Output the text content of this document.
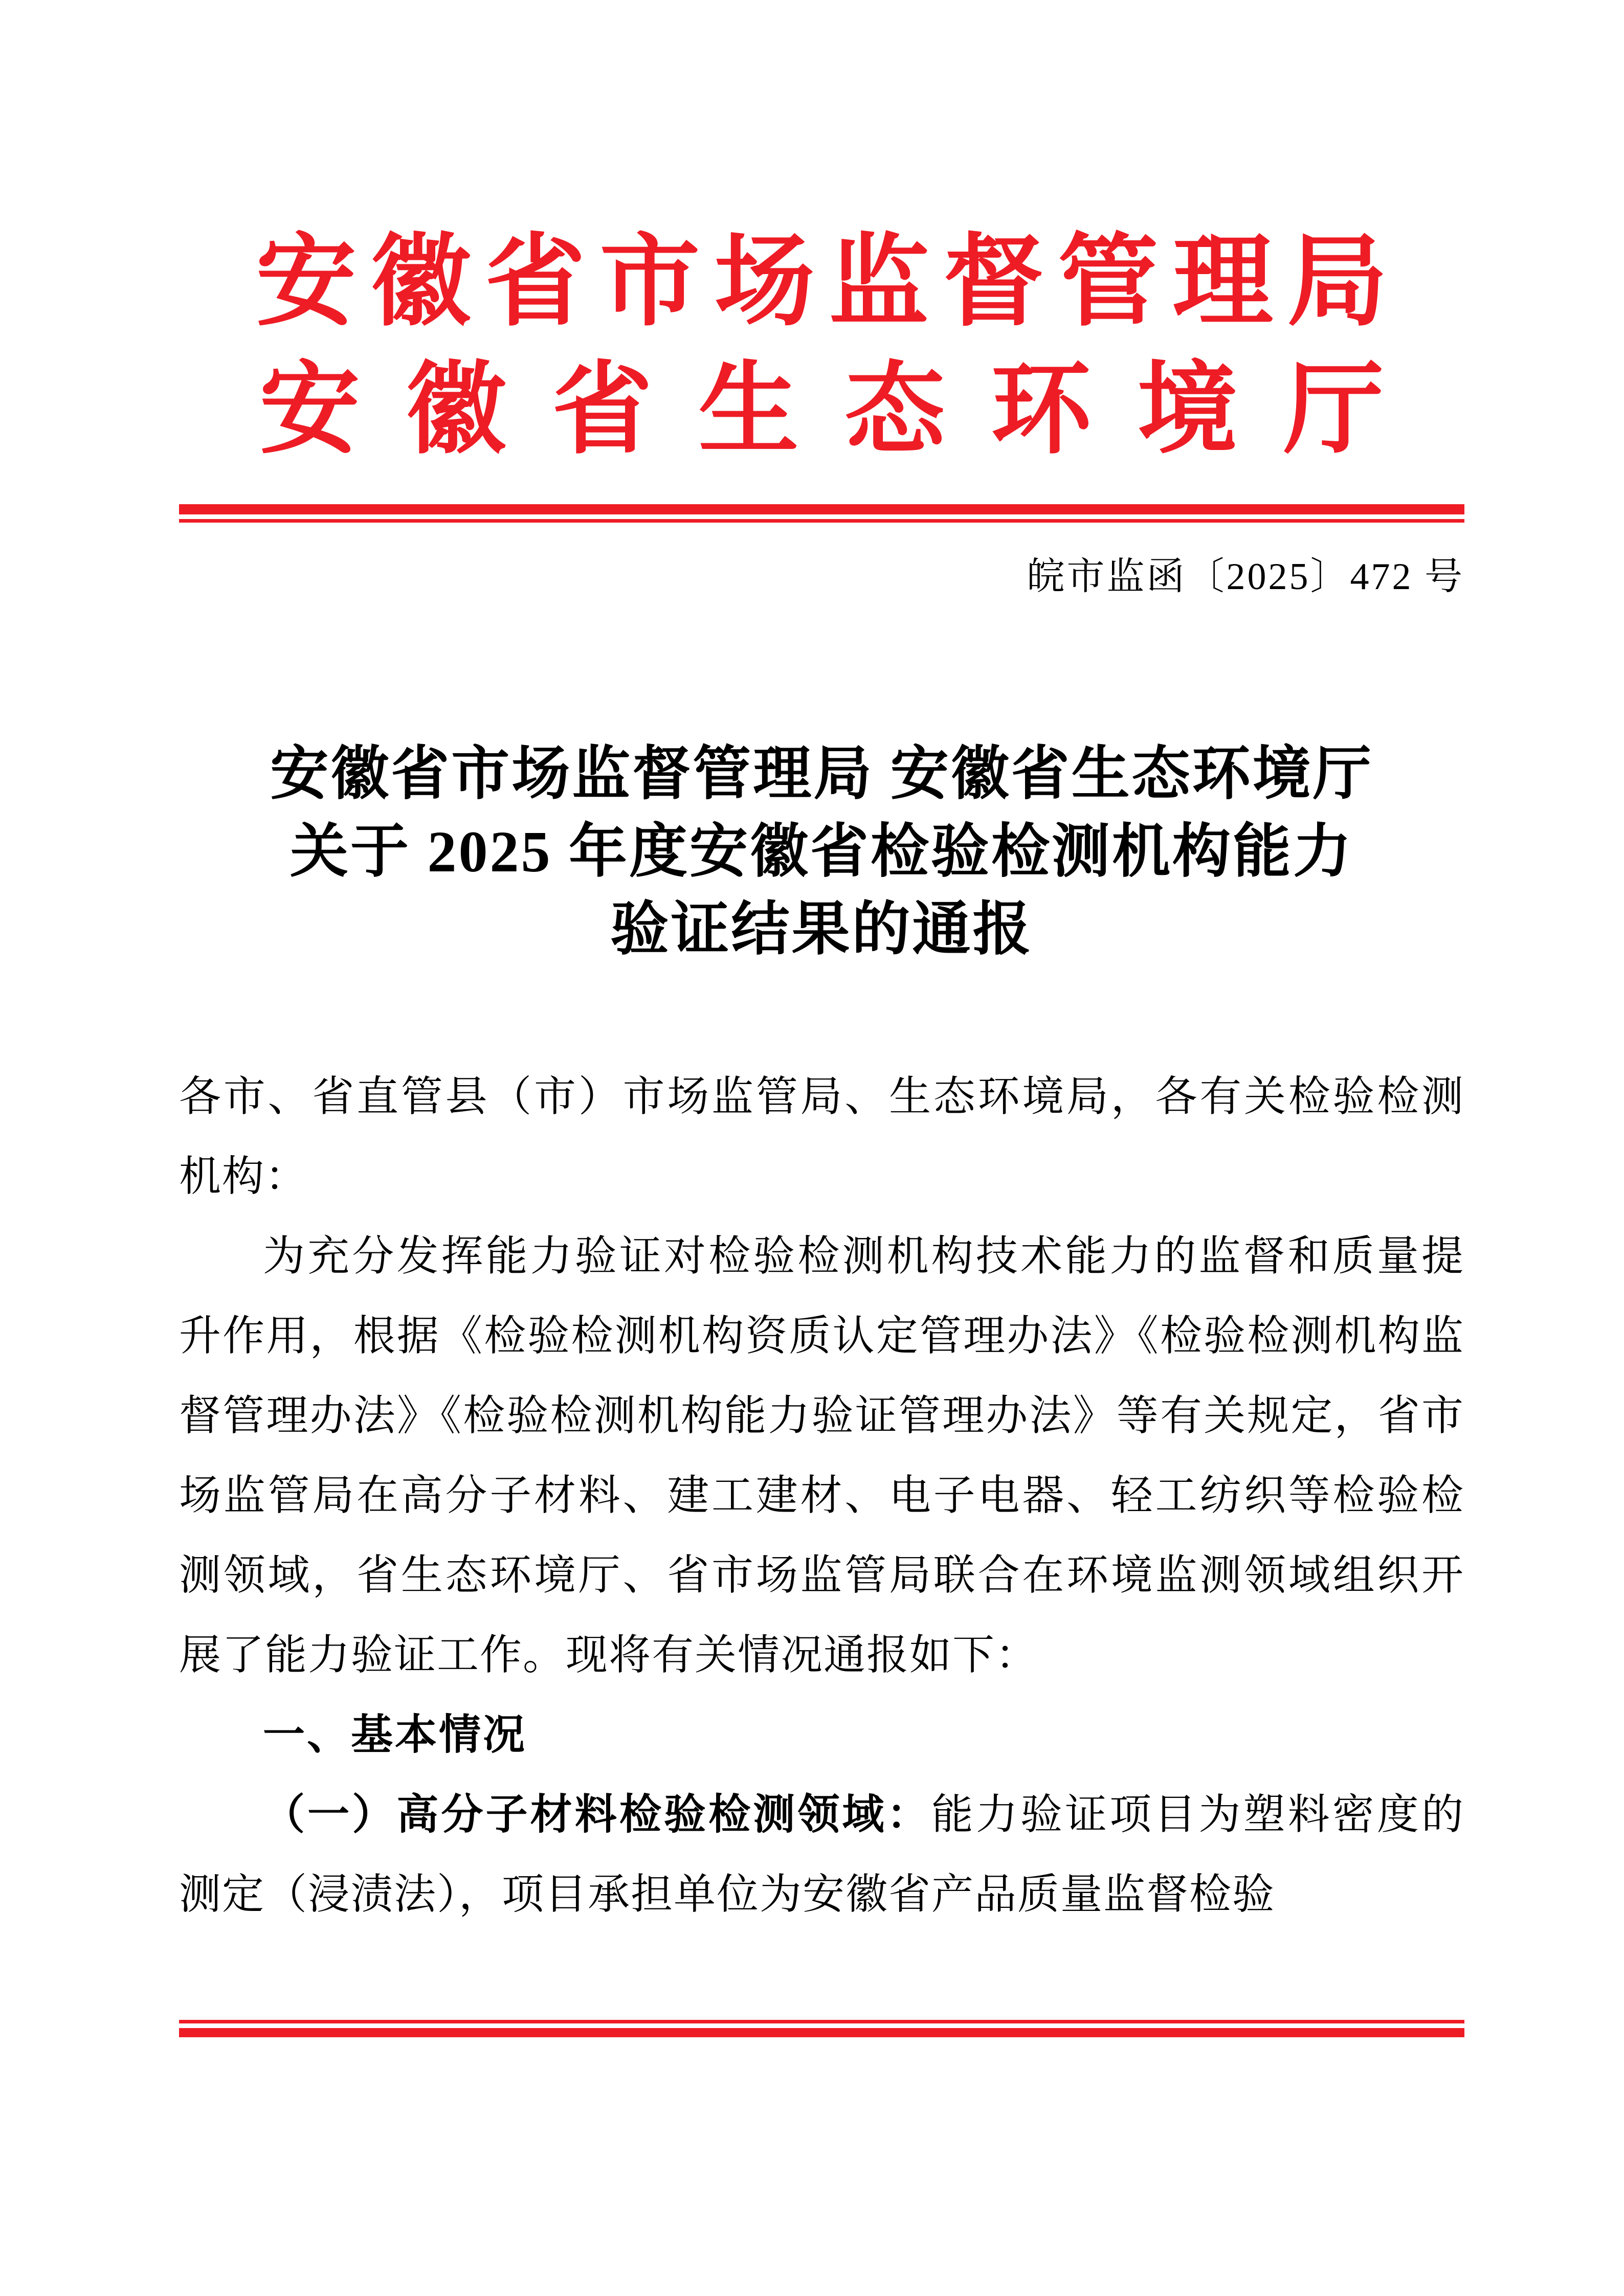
安徽省市场监督管理局
安徽省生态环境厅
皖市监函〔2025〕472 号
安徽省市场监督管理局 安徽省生态环境厅
关于 2025 年度安徽省检验检测机构能力
验证结果的通报

各市、省直管县（市）市场监管局、生态环境局，各有关检验检测机构：

为充分发挥能力验证对检验检测机构技术能力的监督和质量提升作用，根据《检验检测机构资质认定管理办法》《检验检测机构监督管理办法》《检验检测机构能力验证管理办法》等有关规定，省市场监管局在高分子材料、建工建材、电子电器、轻工纺织等检验检测领域，省生态环境厅、省市场监管局联合在环境监测领域组织开展了能力验证工作。现将有关情况通报如下：

一、基本情况

（一）高分子材料检验检测领域：能力验证项目为塑料密度的测定（浸渍法），项目承担单位为安徽省产品质量监督检验
